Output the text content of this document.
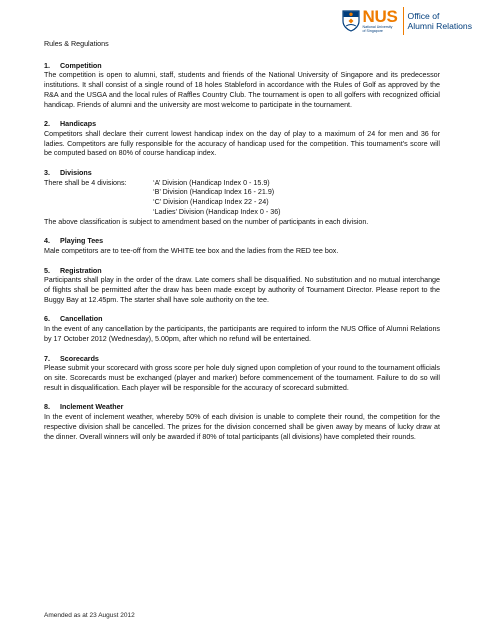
NUS
National University
of Singapore
Office of
Alumni Relations

Rules & Regulations

1.	Competition

The competition is open to alumni, staff, students and friends of the National University of Singapore and its predecessor institutions. It shall consist of a single round of 18 holes Stableford in accordance with the Rules of Golf as approved by the R&A and the USGA and the local rules of Raffles Country Club. The tournament is open to all golfers with recognized official handicap. Friends of alumni and the university are most welcome to participate in the tournament.

2.	Handicaps

Competitors shall declare their current lowest handicap index on the day of play to a maximum of 24 for men and 36 for ladies. Competitors are fully responsible for the accuracy of handicap used for the competition. This tournament’s score will be computed based on 80% of course handicap index.

3.	Divisions
There shall be 4 divisions:	‘A’ Division (Handicap Index 0 - 15.9)
‘B’ Division (Handicap Index 16 - 21.9)
‘C’ Division (Handicap Index 22 - 24)
‘Ladies’ Division (Handicap Index 0 - 36)

The above classification is subject to amendment based on the number of participants in each division.

4.	Playing Tees

Male competitors are to tee-off from the WHITE tee box and the ladies from the RED tee box.

5.	Registration

Participants shall play in the order of the draw. Late comers shall be disqualified. No substitution and no mutual interchange of flights shall be permitted after the draw has been made except by authority of Tournament Director. Please report to the Buggy Bay at 12.45pm. The starter shall have sole authority on the tee.

6.	Cancellation

In the event of any cancellation by the participants, the participants are required to inform the NUS Office of Alumni Relations by 17 October 2012 (Wednesday), 5.00pm, after which no refund will be entertained.

7.	Scorecards

Please submit your scorecard with gross score per hole duly signed upon completion of your round to the tournament officials on site. Scorecards must be exchanged (player and marker) before commencement of the tournament. Failure to do so will result in disqualification. Each player will be responsible for the accuracy of scorecard submitted.

8.	Inclement Weather

In the event of inclement weather, whereby 50% of each division is unable to complete their round, the competition for the respective division shall be cancelled. The prizes for the division concerned shall be given away by means of lucky draw at the dinner. Overall winners will only be awarded if 80% of total participants (all divisions) have completed their rounds.

Amended as at 23 August 2012
